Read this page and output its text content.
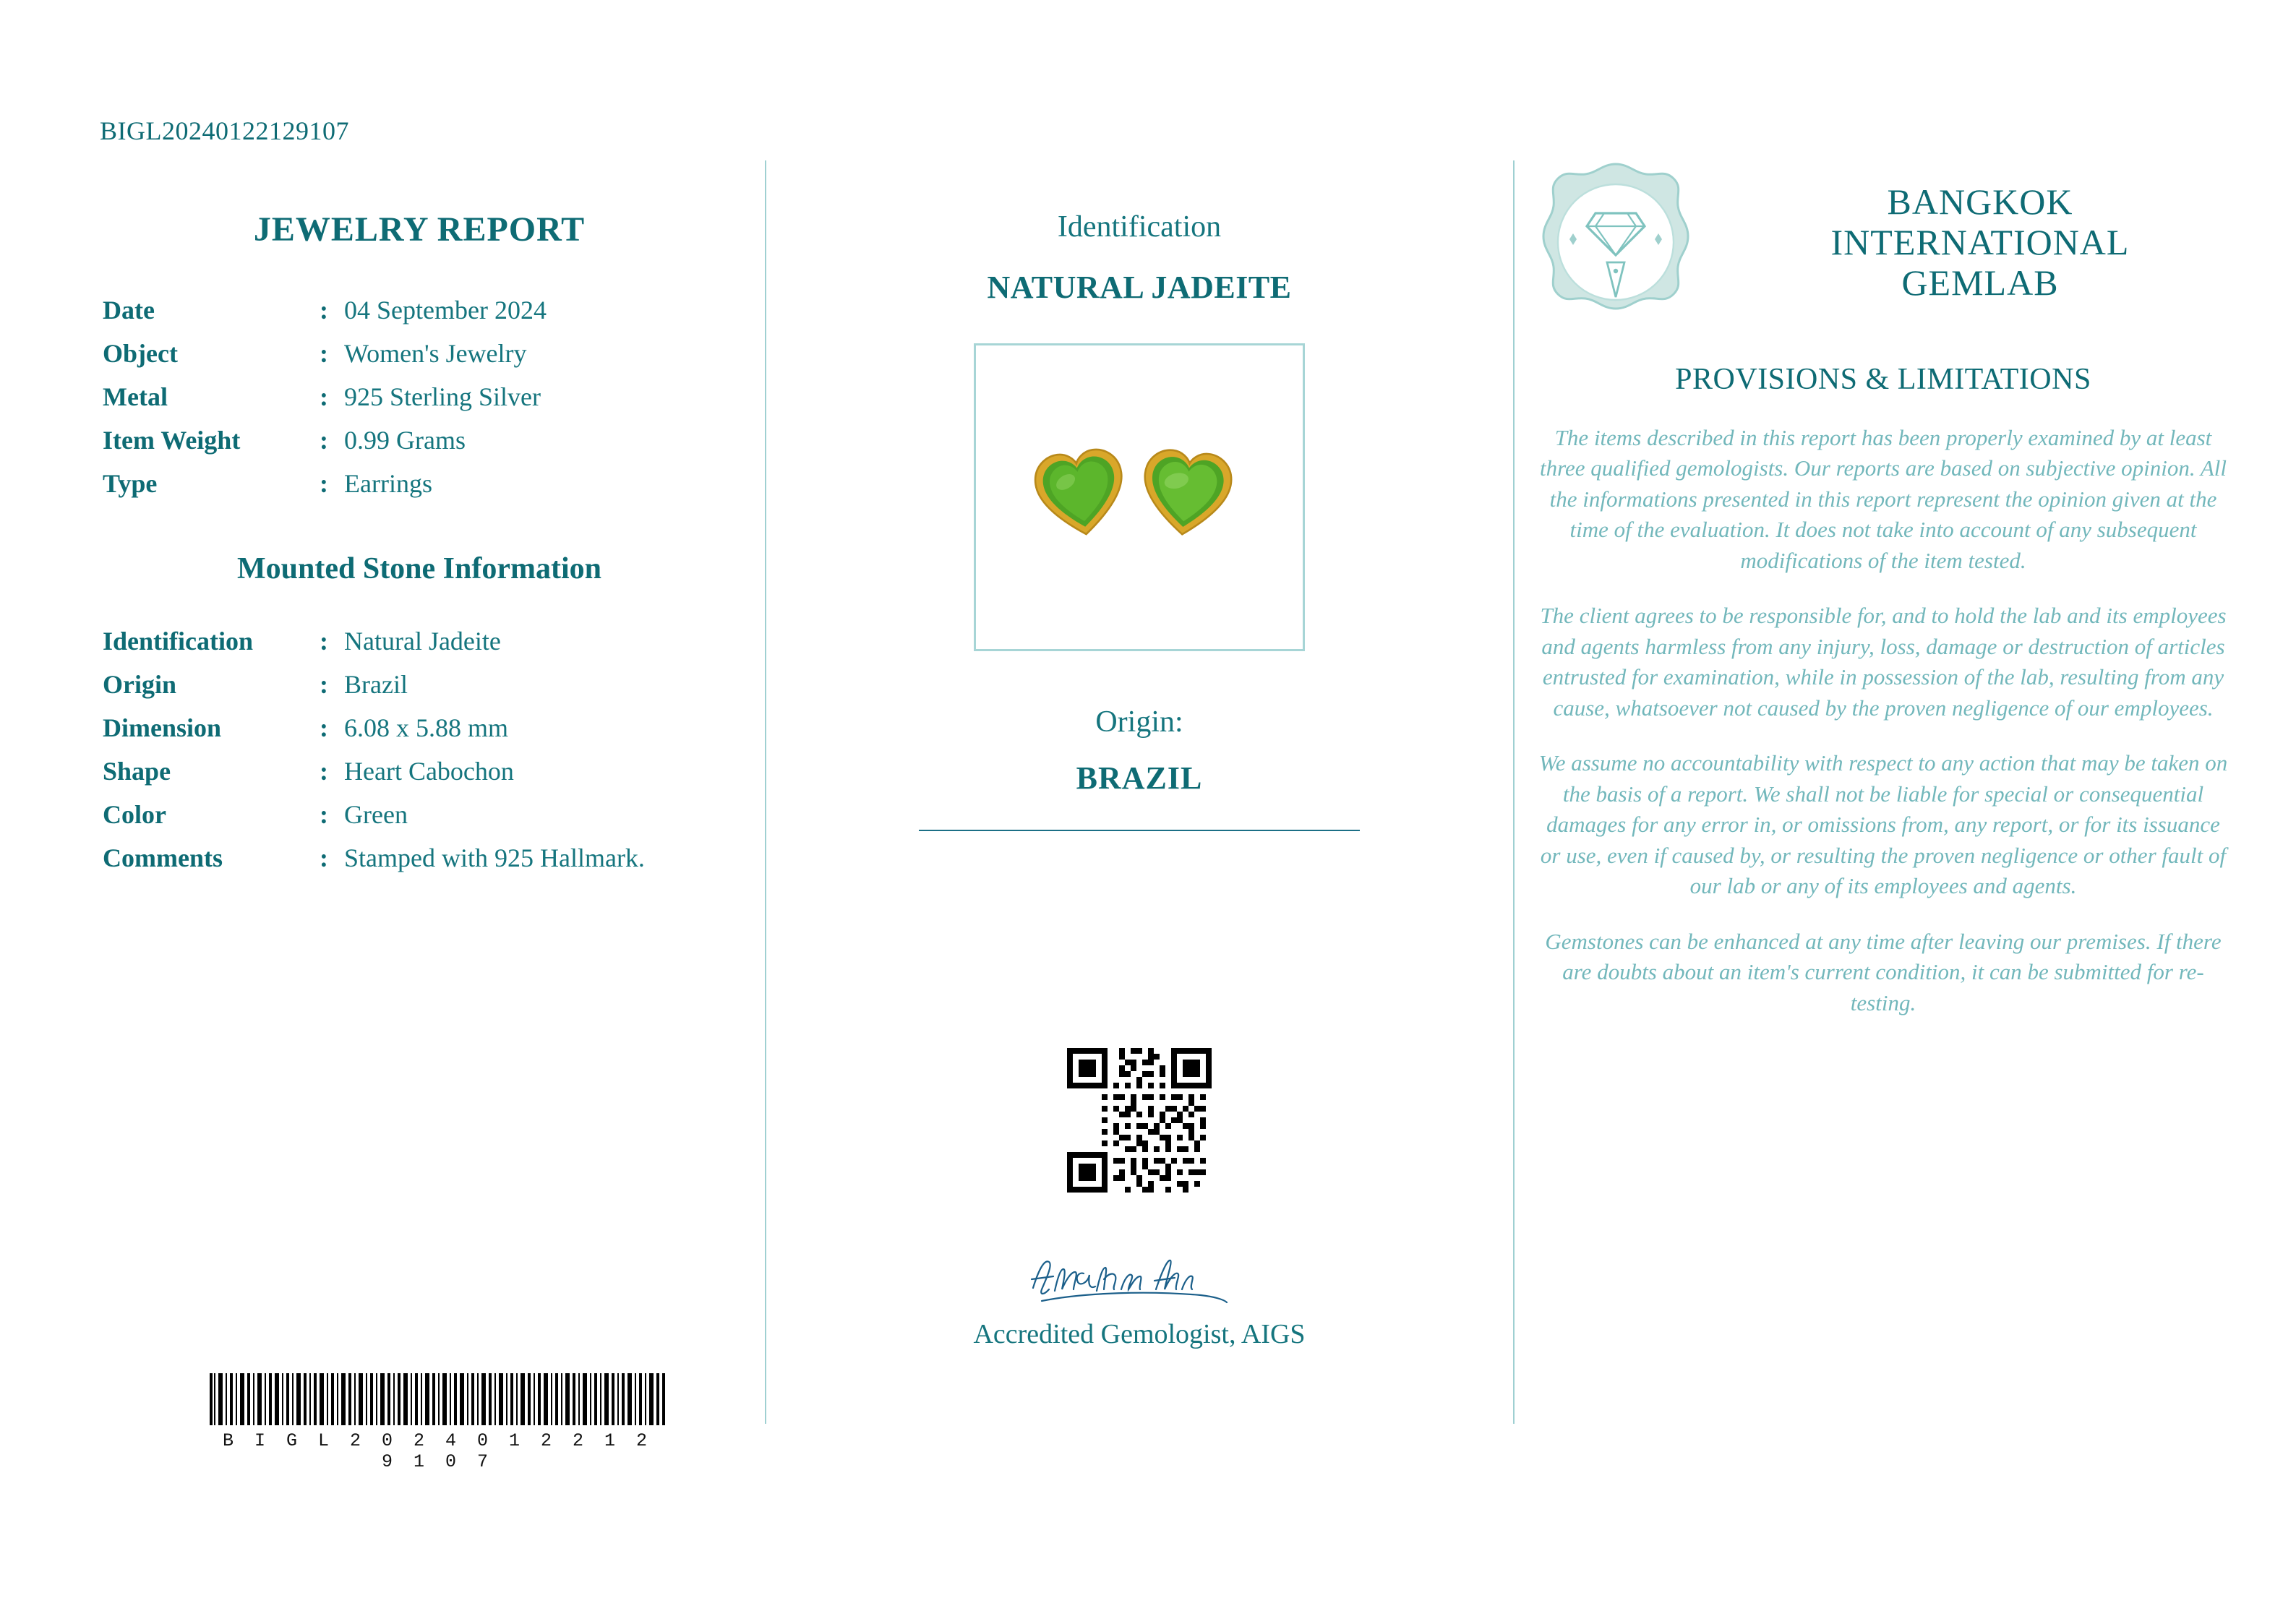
BIGL20240122129107
JEWELRY REPORT
Date	:	04 September 2024
Object	:	Women's Jewelry
Metal	:	925 Sterling Silver
Item Weight	:	0.99 Grams
Type	:	Earrings
Mounted Stone Information
Identification	:	Natural Jadeite
Origin	:	Brazil
Dimension	:	6.08 x 5.88 mm
Shape	:	Heart Cabochon
Color	:	Green
Comments	:	Stamped with 925 Hallmark.
B I G L 2 0 2 4 0 1 2 2 1 2 9 1 0 7
Identification
NATURAL JADEITE
Origin:
BRAZIL
Accredited Gemologist, AIGS
BANGKOK
INTERNATIONAL
GEMLAB
PROVISIONS & LIMITATIONS

The items described in this report has been properly examined by at least three qualified gemologists. Our reports are based on subjective opinion. All the informations presented in this report represent the opinion given at the time of the evaluation. It does not take into account of any subsequent modifications of the item tested.

The client agrees to be responsible for, and to hold the lab and its employees and agents harmless from any injury, loss, damage or destruction of articles entrusted for examination, while in possession of the lab, resulting from any cause, whatsoever not caused by the proven negligence of our employees.

We assume no accountability with respect to any action that may be taken on the basis of a report. We shall not be liable for special or consequential damages for any error in, or omissions from, any report, or for its issuance or use, even if caused by, or resulting the proven negligence or other fault of our lab or any of its employees and agents.

Gemstones can be enhanced at any time after leaving our premises. If there are doubts about an item's current condition, it can be submitted for re-testing.
